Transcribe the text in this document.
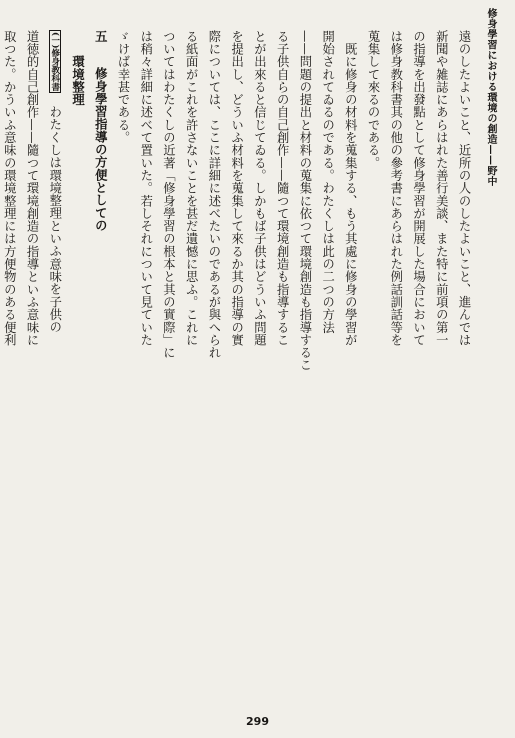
修身學習における環境の創造——野中
遠のしたよいこと、近所の人のしたよいこと、進んでは
新聞や雑誌にあらはれた善行美談、また特に前項の第一
の指導を出發點として修身學習が開展した場合において
は修身教科書其の他の參考書にあらはれた例話訓話等を
蒐集して來るのである。
　既に修身の材料を蒐集する、もう其處に修身の學習が
開始されてゐるのである。わたくしは此の二つの方法
——問題の提出と材料の蒐集に依つて環境創造も指導するこ
る子供自らの自己創作——隨つて環境創造も指導するこ
とが出來ると信じてゐる。しかもば子供はどういふ問題
を提出し、どういふ材料を蒐集して來るか其の指導の實
際については、ここに詳細に述べたいのであるが與へられ
る紙面がこれを許さないことを甚だ遺憾に思ふ。これに
ついてはわたくしの近著「修身學習の根本と其の實際」に
は稍々詳細に述べて置いた。若しそれについて見ていた
ゞけば幸甚である。
五　修身學習指導の方便としての
　　環境整理
(一)修身教科書　わたくしは環境整理といふ意味を子供の
道徳的自己創作——隨つて環境創造の指導といふ意味に
取つた。かういふ意味の環境整理には方便物のある便利

299
